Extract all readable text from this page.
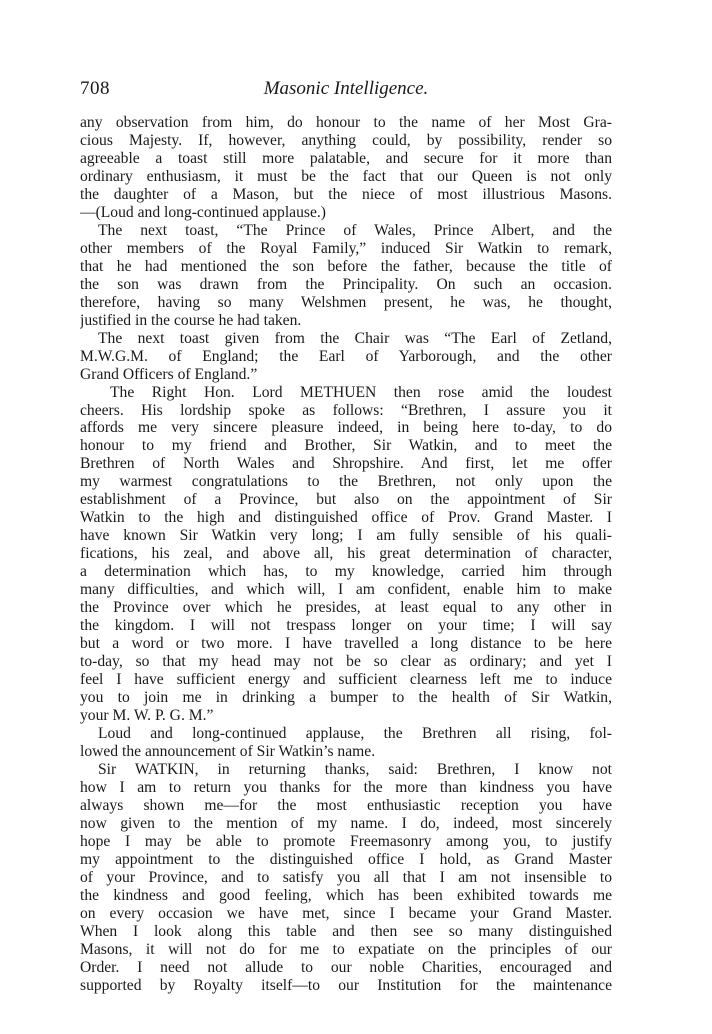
708	Masonic Intelligence.
any observation from him, do honour to the name of her Most Gra-
cious Majesty. If, however, anything could, by possibility, render so
agreeable a toast still more palatable, and secure for it more than
ordinary enthusiasm, it must be the fact that our Queen is not only
the daughter of a Mason, but the niece of most illustrious Masons.
—(Loud and long-continued applause.)
The next toast, “The Prince of Wales, Prince Albert, and the
other members of the Royal Family,” induced Sir Watkin to remark,
that he had mentioned the son before the father, because the title of
the son was drawn from the Principality. On such an occasion.
therefore, having so many Welshmen present, he was, he thought,
justified in the course he had taken.
The next toast given from the Chair was “The Earl of Zetland,
M.W.G.M. of England; the Earl of Yarborough, and the other
Grand Officers of England.”
The Right Hon. Lord METHUEN then rose amid the loudest
cheers. His lordship spoke as follows: “Brethren, I assure you it
affords me very sincere pleasure indeed, in being here to-day, to do
honour to my friend and Brother, Sir Watkin, and to meet the
Brethren of North Wales and Shropshire. And first, let me offer
my warmest congratulations to the Brethren, not only upon the
establishment of a Province, but also on the appointment of Sir
Watkin to the high and distinguished office of Prov. Grand Master. I
have known Sir Watkin very long; I am fully sensible of his quali-
fications, his zeal, and above all, his great determination of character,
a determination which has, to my knowledge, carried him through
many difficulties, and which will, I am confident, enable him to make
the Province over which he presides, at least equal to any other in
the kingdom. I will not trespass longer on your time; I will say
but a word or two more. I have travelled a long distance to be here
to-day, so that my head may not be so clear as ordinary; and yet I
feel I have sufficient energy and sufficient clearness left me to induce
you to join me in drinking a bumper to the health of Sir Watkin,
your M. W. P. G. M.”
Loud and long-continued applause, the Brethren all rising, fol-
lowed the announcement of Sir Watkin’s name.
Sir WATKIN, in returning thanks, said: Brethren, I know not
how I am to return you thanks for the more than kindness you have
always shown me—for the most enthusiastic reception you have
now given to the mention of my name. I do, indeed, most sincerely
hope I may be able to promote Freemasonry among you, to justify
my appointment to the distinguished office I hold, as Grand Master
of your Province, and to satisfy you all that I am not insensible to
the kindness and good feeling, which has been exhibited towards me
on every occasion we have met, since I became your Grand Master.
When I look along this table and then see so many distinguished
Masons, it will not do for me to expatiate on the principles of our
Order. I need not allude to our noble Charities, encouraged and
supported by Royalty itself—to our Institution for the maintenance
